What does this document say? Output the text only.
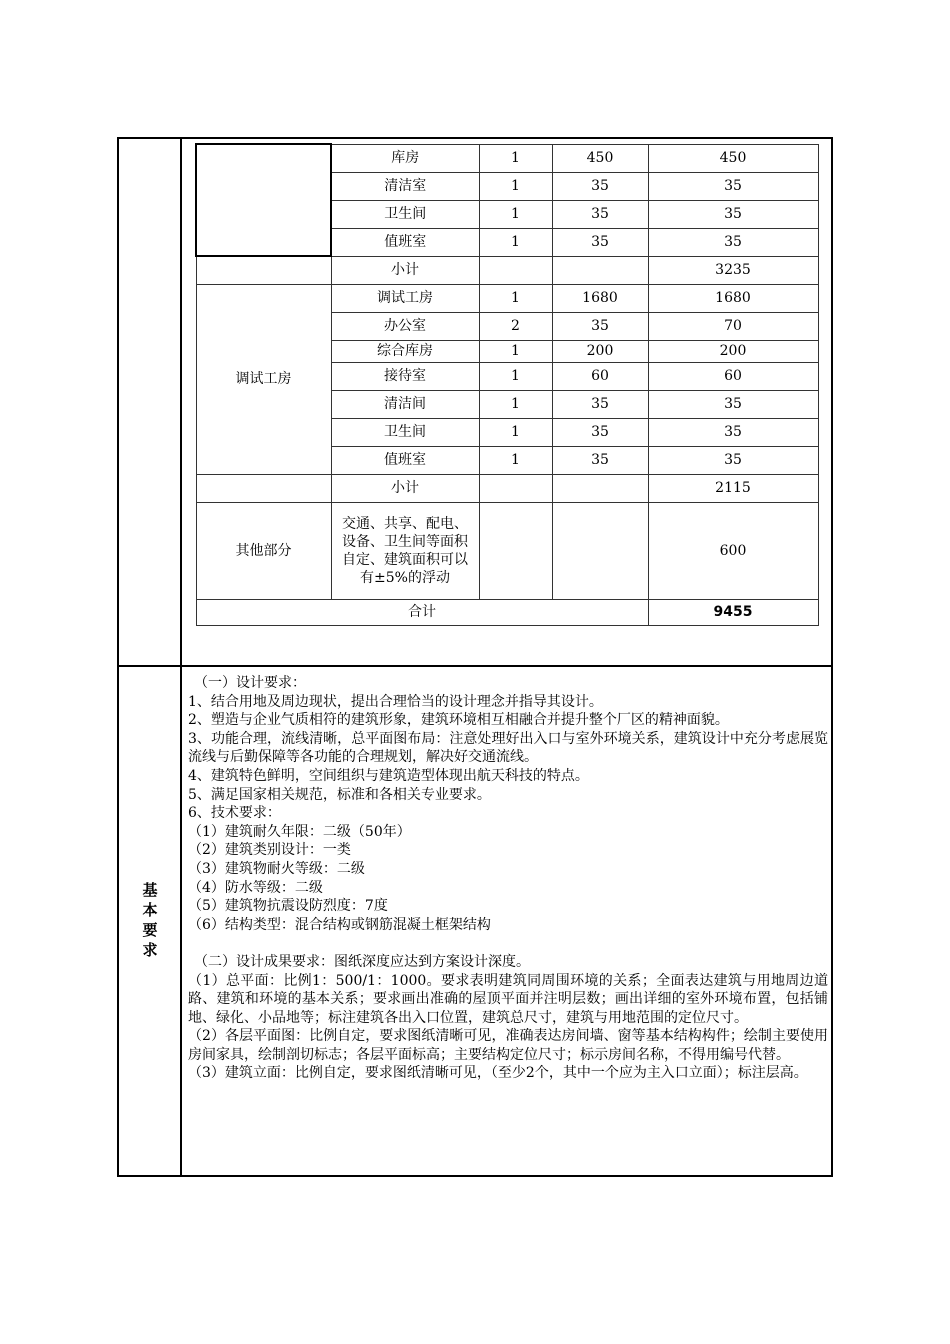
	库房	1	450	450
	清洁室	1	35	35
	卫生间	1	35	35
	值班室	1	35	35
	小计			3235
调试工房	调试工房	1	1680	1680
	办公室	2	35	70
	综合库房	1	200	200
	接待室	1	60	60
	清洁间	1	35	35
	卫生间	1	35	35
	值班室	1	35	35
	小计			2115
其他部分	交通、共享、配电、设备、卫生间等面积自定、建筑面积可以有±5%的浮动			600
合计				9455
基
本
要
求

（一）设计要求：

1、结合用地及周边现状，提出合理恰当的设计理念并指导其设计。

2、塑造与企业气质相符的建筑形象，建筑环境相互相融合并提升整个厂区的精神面貌。

3、功能合理，流线清晰，总平面图布局：注意处理好出入口与室外环境关系，建筑设计中充分考虑展览流线与后勤保障等各功能的合理规划，解决好交通流线。

4、建筑特色鲜明，空间组织与建筑造型体现出航天科技的特点。

5、满足国家相关规范，标准和各相关专业要求。

6、技术要求：

（1）建筑耐久年限：二级（50年）

（2）建筑类别设计：一类

（3）建筑物耐火等级：二级

（4）防水等级：二级

（5）建筑物抗震设防烈度：7度

（6）结构类型：混合结构或钢筋混凝土框架结构

（二）设计成果要求：图纸深度应达到方案设计深度。

（1）总平面：比例1：500/1：1000。要求表明建筑同周围环境的关系；全面表达建筑与用地周边道路、建筑和环境的基本关系；要求画出准确的屋顶平面并注明层数；画出详细的室外环境布置，包括铺地、绿化、小品地等；标注建筑各出入口位置，建筑总尺寸，建筑与用地范围的定位尺寸。

（2）各层平面图：比例自定，要求图纸清晰可见，准确表达房间墙、窗等基本结构构件；绘制主要使用房间家具，绘制剖切标志；各层平面标高；主要结构定位尺寸；标示房间名称，不得用编号代替。

（3）建筑立面：比例自定，要求图纸清晰可见，（至少2个，其中一个应为主入口立面）；标注层高。
